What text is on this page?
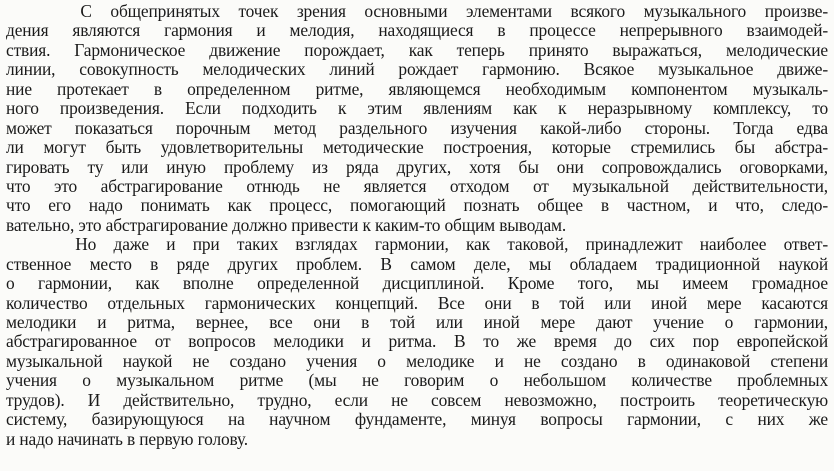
С общепринятых точек зрения основными элементами всякого музыкального произве-
дения являются гармония и мелодия, находящиеся в процессе непрерывного взаимодей-
ствия. Гармоническое движение порождает, как теперь принято выражаться, мелодические
линии, совокупность мелодических линий рождает гармонию. Всякое музыкальное движе-
ние протекает в определенном ритме, являющемся необходимым компонентом музыкаль-
ного произведения. Если подходить к этим явлениям как к неразрывному комплексу, то
может показаться порочным метод раздельного изучения какой-либо стороны. Тогда едва
ли могут быть удовлетворительны методические построения, которые стремились бы абстра-
гировать ту или иную проблему из ряда других, хотя бы они сопровождались оговорками,
что это абстрагирование отнюдь не является отходом от музыкальной действительности,
что его надо понимать как процесс, помогающий познать общее в частном, и что, следо-
вательно, это абстрагирование должно привести к каким-то общим выводам.
Но даже и при таких взглядах гармонии, как таковой, принадлежит наиболее ответ-
ственное место в ряде других проблем. В самом деле, мы обладаем традиционной наукой
о гармонии, как вполне определенной дисциплиной. Кроме того, мы имеем громадное
количество отдельных гармонических концепций. Все они в той или иной мере касаются
мелодики и ритма, вернее, все они в той или иной мере дают учение о гармонии,
абстрагированное от вопросов мелодики и ритма. В то же время до сих пор европейской
музыкальной наукой не создано учения о мелодике и не создано в одинаковой степени
учения о музыкальном ритме (мы не говорим о небольшом количестве проблемных
трудов). И действительно, трудно, если не совсем невозможно, построить теоретическую
систему, базирующуюся на научном фундаменте, минуя вопросы гармонии, с них же
и надо начинать в первую голову.
